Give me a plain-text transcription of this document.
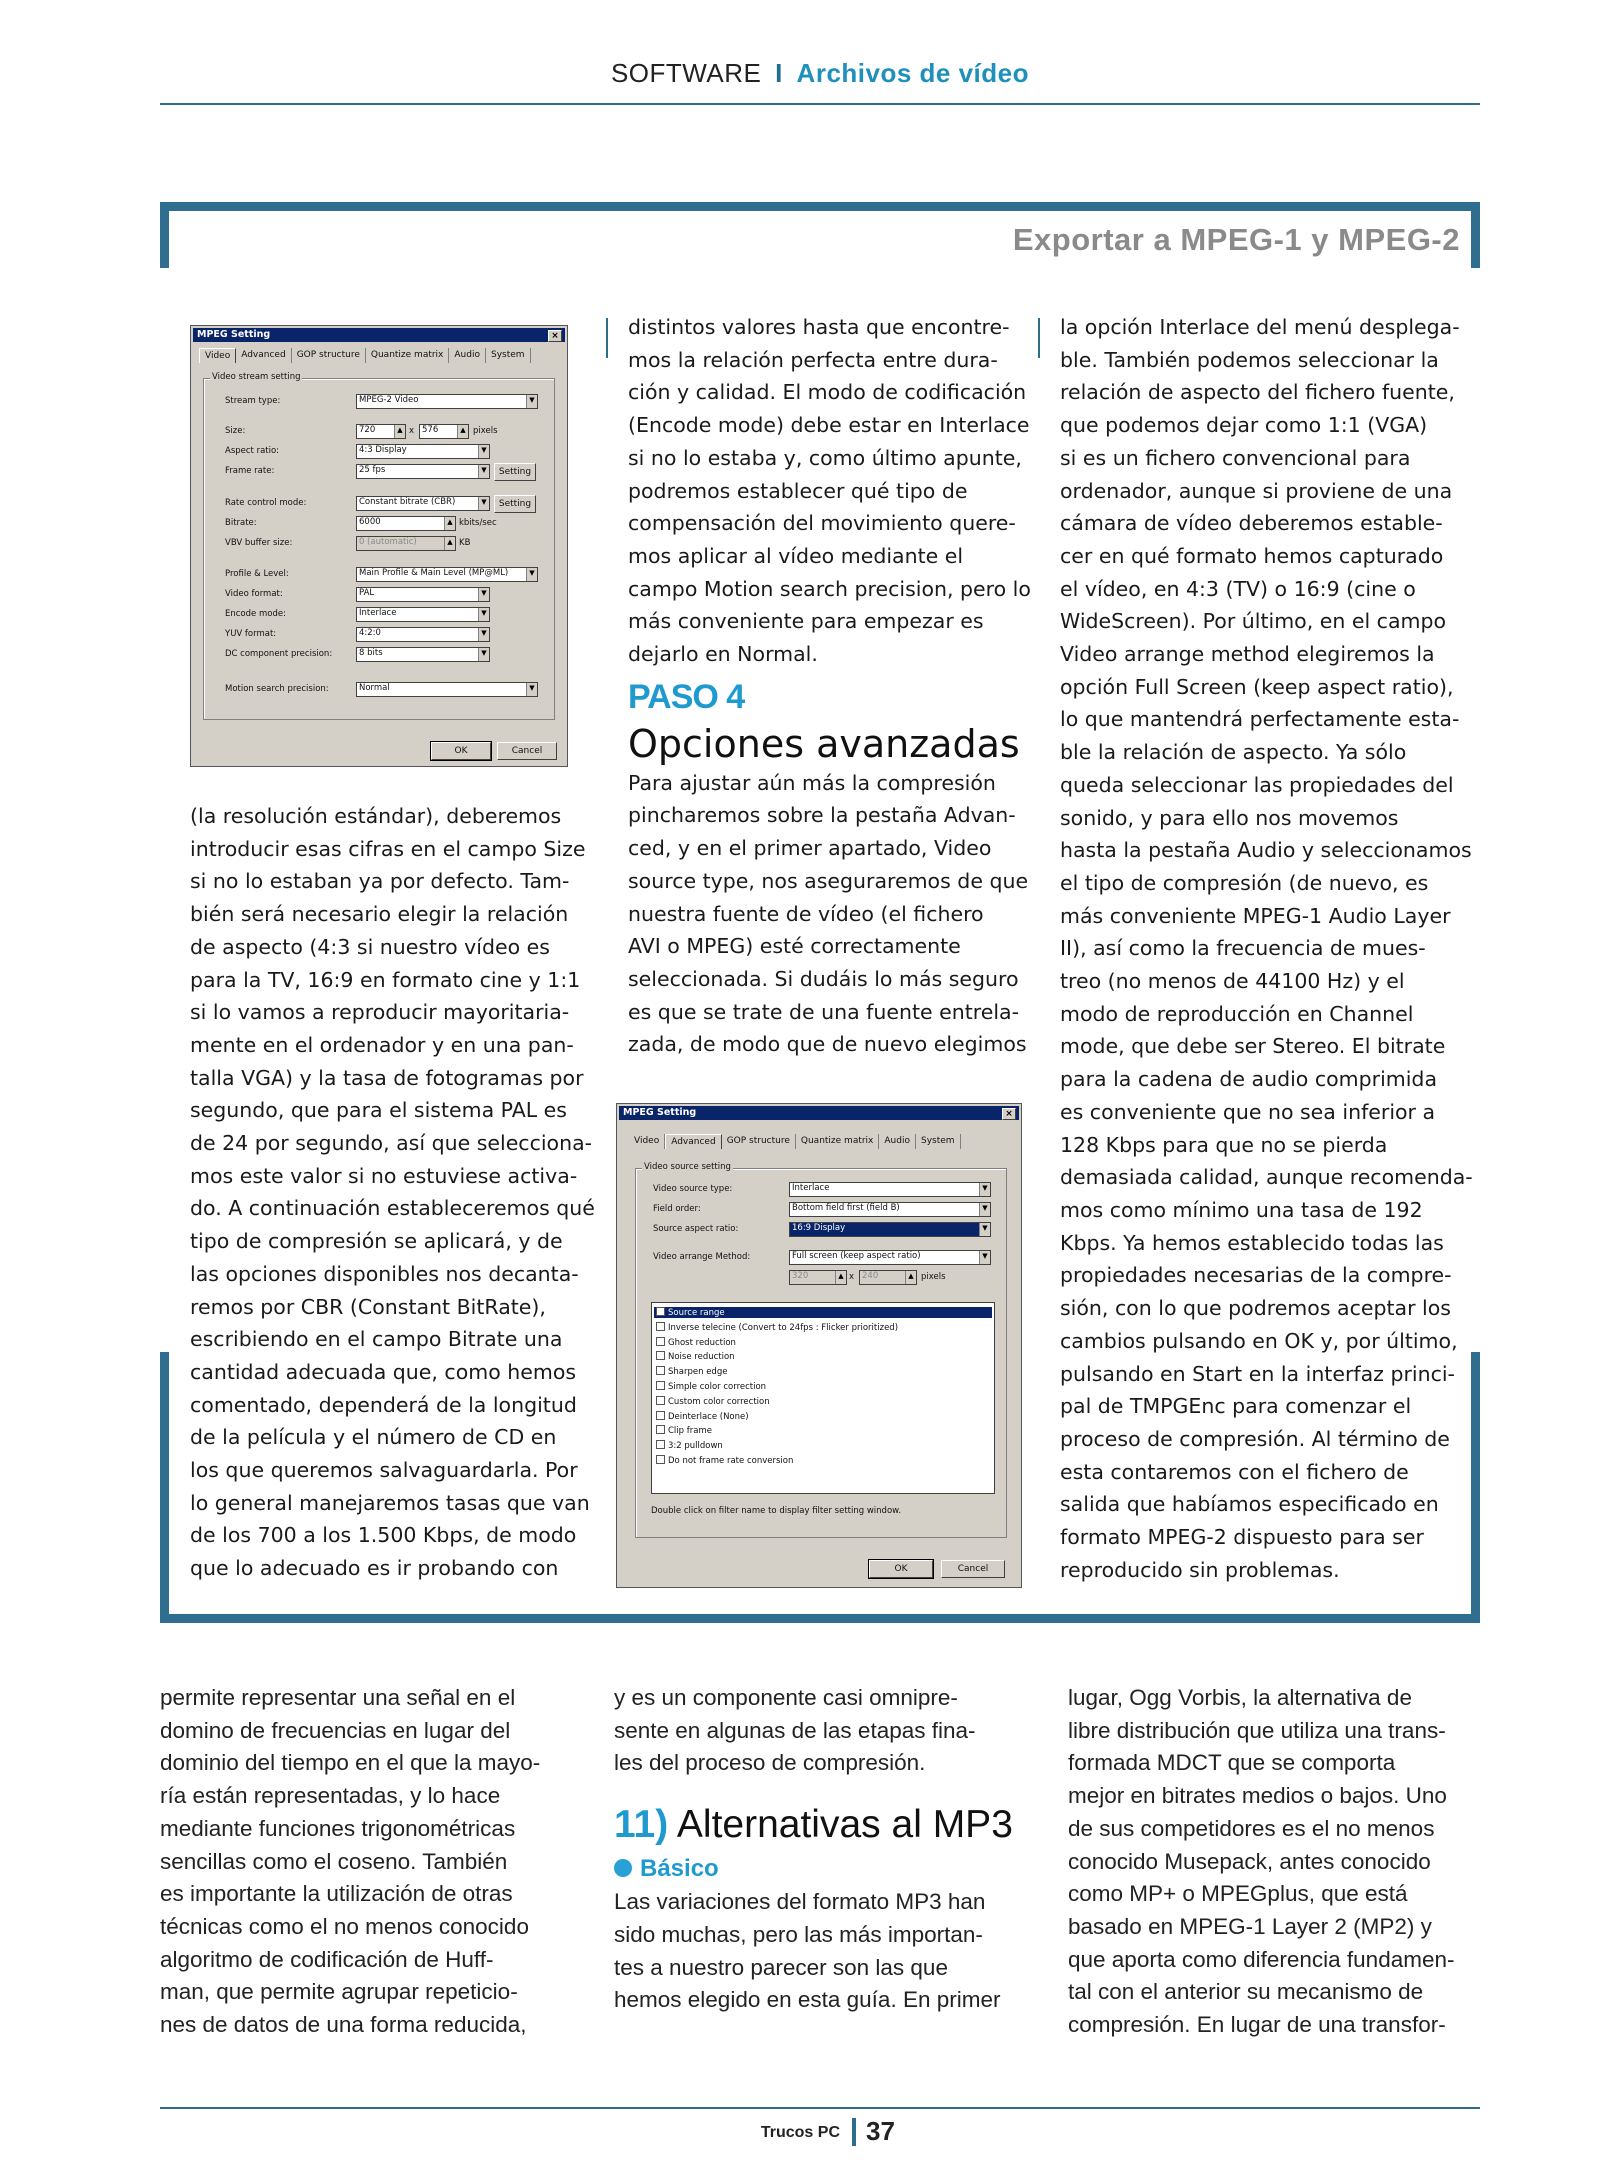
SOFTWARE I Archivos de vídeo
Exportar a MPEG-1 y MPEG-2
MPEG Setting	×
Video	Advanced	GOP structure	Quantize matrix	Audio	System
Video stream setting
Stream type:	MPEG-2 Video	▼
Size:	720	▲ x 576	▲ pixels
Aspect ratio:	4:3 Display	▼
Frame rate:	25 fps	▼	Setting
Rate control mode:	Constant bitrate (CBR)	▼	Setting
Bitrate:	6000	▲ kbits/sec
VBV buffer size:	0 (automatic)	▲ KB
Profile & Level:	Main Profile & Main Level (MP@ML)	▼
Video format:	PAL	▼
Encode mode:	Interlace	▼
YUV format:	4:2:0	▼
DC component precision:	8 bits	▼
Motion search precision:	Normal	▼
OK	Cancel
(la resolución estándar), deberemos
introducir esas cifras en el campo Size
si no lo estaban ya por defecto. Tam-
bién será necesario elegir la relación
de aspecto (4:3 si nuestro vídeo es
para la TV, 16:9 en formato cine y 1:1
si lo vamos a reproducir mayoritaria-
mente en el ordenador y en una pan-
talla VGA) y la tasa de fotogramas por
segundo, que para el sistema PAL es
de 24 por segundo, así que selecciona-
mos este valor si no estuviese activa-
do. A continuación estableceremos qué
tipo de compresión se aplicará, y de
las opciones disponibles nos decanta-
remos por CBR (Constant BitRate),
escribiendo en el campo Bitrate una
cantidad adecuada que, como hemos
comentado, dependerá de la longitud
de la película y el número de CD en
los que queremos salvaguardarla. Por
lo general manejaremos tasas que van
de los 700 a los 1.500 Kbps, de modo
que lo adecuado es ir probando con
distintos valores hasta que encontre-
mos la relación perfecta entre dura-
ción y calidad. El modo de codificación
(Encode mode) debe estar en Interlace
si no lo estaba y, como último apunte,
podremos establecer qué tipo de
compensación del movimiento quere-
mos aplicar al vídeo mediante el
campo Motion search precision, pero lo
más conveniente para empezar es
dejarlo en Normal.
PASO 4
Opciones avanzadas
Para ajustar aún más la compresión
pincharemos sobre la pestaña Advan-
ced, y en el primer apartado, Video
source type, nos aseguraremos de que
nuestra fuente de vídeo (el fichero
AVI o MPEG) esté correctamente
seleccionada. Si dudáis lo más seguro
es que se trate de una fuente entrela-
zada, de modo que de nuevo elegimos
MPEG Setting	×
Video	Advanced	GOP structure	Quantize matrix	Audio	System
Video source setting
Video source type:	Interlace	▼
Field order:	Bottom field first (field B)	▼
Source aspect ratio:	16:9 Display	▼
Video arrange Method:	Full screen (keep aspect ratio)	▼
320	▲ x 240	▲ pixels
Source range
Inverse telecine (Convert to 24fps : Flicker prioritized)
Ghost reduction
Noise reduction
Sharpen edge
Simple color correction
Custom color correction
Deinterlace (None)
Clip frame
3:2 pulldown
Do not frame rate conversion
Double click on filter name to display filter setting window.
OK	Cancel
la opción Interlace del menú desplega-
ble. También podemos seleccionar la
relación de aspecto del fichero fuente,
que podemos dejar como 1:1 (VGA)
si es un fichero convencional para
ordenador, aunque si proviene de una
cámara de vídeo deberemos estable-
cer en qué formato hemos capturado
el vídeo, en 4:3 (TV) o 16:9 (cine o
WideScreen). Por último, en el campo
Video arrange method elegiremos la
opción Full Screen (keep aspect ratio),
lo que mantendrá perfectamente esta-
ble la relación de aspecto. Ya sólo
queda seleccionar las propiedades del
sonido, y para ello nos movemos
hasta la pestaña Audio y seleccionamos
el tipo de compresión (de nuevo, es
más conveniente MPEG-1 Audio Layer
II), así como la frecuencia de mues-
treo (no menos de 44100 Hz) y el
modo de reproducción en Channel
mode, que debe ser Stereo. El bitrate
para la cadena de audio comprimida
es conveniente que no sea inferior a
128 Kbps para que no se pierda
demasiada calidad, aunque recomenda-
mos como mínimo una tasa de 192
Kbps. Ya hemos establecido todas las
propiedades necesarias de la compre-
sión, con lo que podremos aceptar los
cambios pulsando en OK y, por último,
pulsando en Start en la interfaz princi-
pal de TMPGEnc para comenzar el
proceso de compresión. Al término de
esta contaremos con el fichero de
salida que habíamos especificado en
formato MPEG-2 dispuesto para ser
reproducido sin problemas.
permite representar una señal en el
domino de frecuencias en lugar del
dominio del tiempo en el que la mayo-
ría están representadas, y lo hace
mediante funciones trigonométricas
sencillas como el coseno. También
es importante la utilización de otras
técnicas como el no menos conocido
algoritmo de codificación de Huff-
man, que permite agrupar repeticio-
nes de datos de una forma reducida,
y es un componente casi omnipre-
sente en algunas de las etapas fina-
les del proceso de compresión.
11) Alternativas al MP3
Básico
Las variaciones del formato MP3 han
sido muchas, pero las más importan-
tes a nuestro parecer son las que
hemos elegido en esta guía. En primer
lugar, Ogg Vorbis, la alternativa de
libre distribución que utiliza una trans-
formada MDCT que se comporta
mejor en bitrates medios o bajos. Uno
de sus competidores es el no menos
conocido Musepack, antes conocido
como MP+ o MPEGplus, que está
basado en MPEG-1 Layer 2 (MP2) y
que aporta como diferencia fundamen-
tal con el anterior su mecanismo de
compresión. En lugar de una transfor-
Trucos PC 37
